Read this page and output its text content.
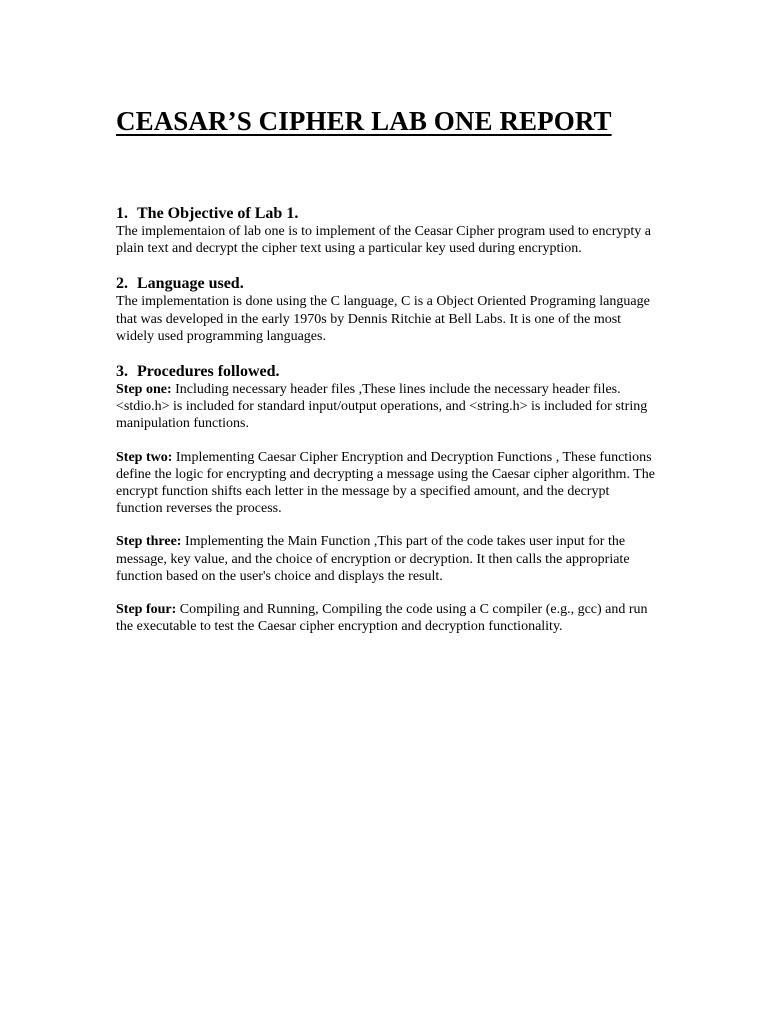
CEASAR’S CIPHER LAB ONE REPORT
1. The Objective of Lab 1.

The implementaion of lab one is to implement of the Ceasar Cipher program used to encrypty a plain text and decrypt the cipher text using a particular key used during encryption.

2. Language used.

The implementation is done using the C language, C is a Object Oriented Programing language that was developed in the early 1970s by Dennis Ritchie at Bell Labs. It is one of the most widely used programming languages.

3. Procedures followed.

Step one: Including necessary header files ,These lines include the necessary header files. <stdio.h> is included for standard input/output operations, and <string.h> is included for string manipulation functions.

Step two: Implementing Caesar Cipher Encryption and Decryption Functions , These functions define the logic for encrypting and decrypting a message using the Caesar cipher algorithm. The encrypt function shifts each letter in the message by a specified amount, and the decrypt function reverses the process.

Step three: Implementing the Main Function ,This part of the code takes user input for the message, key value, and the choice of encryption or decryption. It then calls the appropriate function based on the user's choice and displays the result.

Step four: Compiling and Running, Compiling the code using a C compiler (e.g., gcc) and run the executable to test the Caesar cipher encryption and decryption functionality.
